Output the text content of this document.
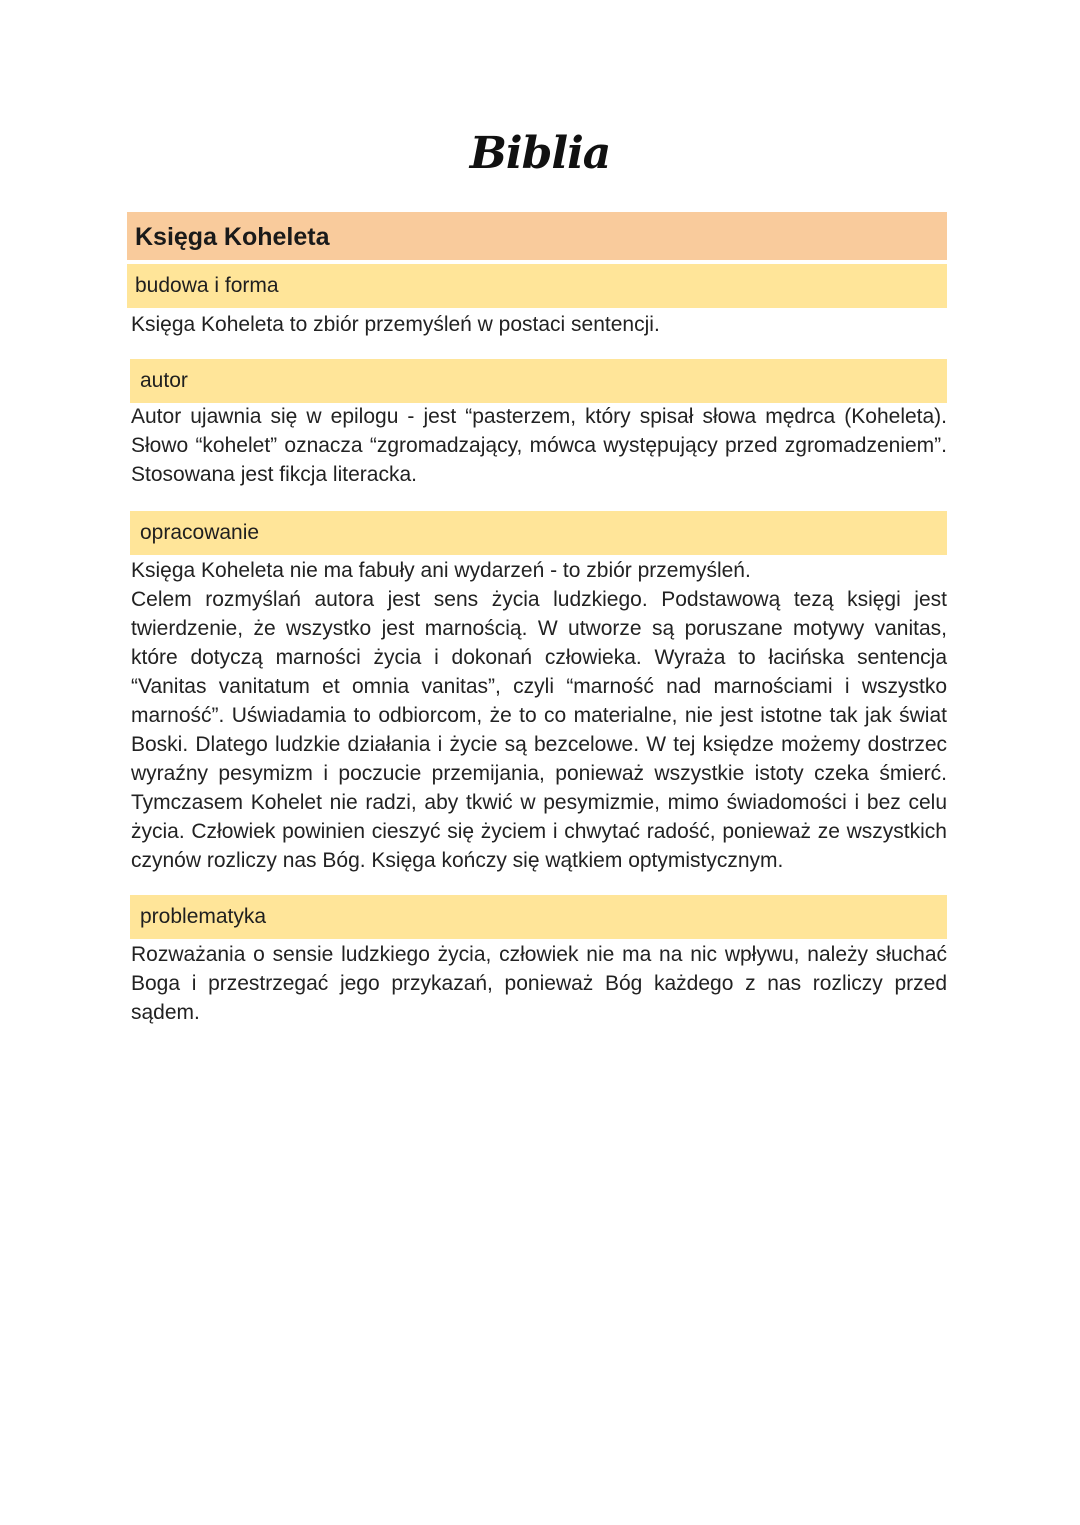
Biblia
Księga Koheleta
budowa i forma

Księga Koheleta to zbiór przemyśleń w postaci sentencji.

autor

Autor ujawnia się w epilogu - jest “pasterzem, który spisał słowa mędrca (Koheleta). Słowo “kohelet” oznacza “zgromadzający, mówca występujący przed zgromadzeniem”. Stosowana jest fikcja literacka.

opracowanie

Księga Koheleta nie ma fabuły ani wydarzeń - to zbiór przemyśleń.

Celem rozmyślań autora jest sens życia ludzkiego. Podstawową tezą księgi jest twierdzenie, że wszystko jest marnością. W utworze są poruszane motywy vanitas, które dotyczą marności życia i dokonań człowieka. Wyraża to łacińska sentencja “Vanitas vanitatum et omnia vanitas”, czyli “marność nad marnościami i wszystko marność”. Uświadamia to odbiorcom, że to co materialne, nie jest istotne tak jak świat Boski. Dlatego ludzkie działania i życie są bezcelowe. W tej księdze możemy dostrzec wyraźny pesymizm i poczucie przemijania, ponieważ wszystkie istoty czeka śmierć. Tymczasem Kohelet nie radzi, aby tkwić w pesymizmie, mimo świadomości i bez celu życia. Człowiek powinien cieszyć się życiem i chwytać radość, ponieważ ze wszystkich czynów rozliczy nas Bóg. Księga kończy się wątkiem optymistycznym.

problematyka

Rozważania o sensie ludzkiego życia, człowiek nie ma na nic wpływu, należy słuchać Boga i przestrzegać jego przykazań, ponieważ Bóg każdego z nas rozliczy przed sądem.
